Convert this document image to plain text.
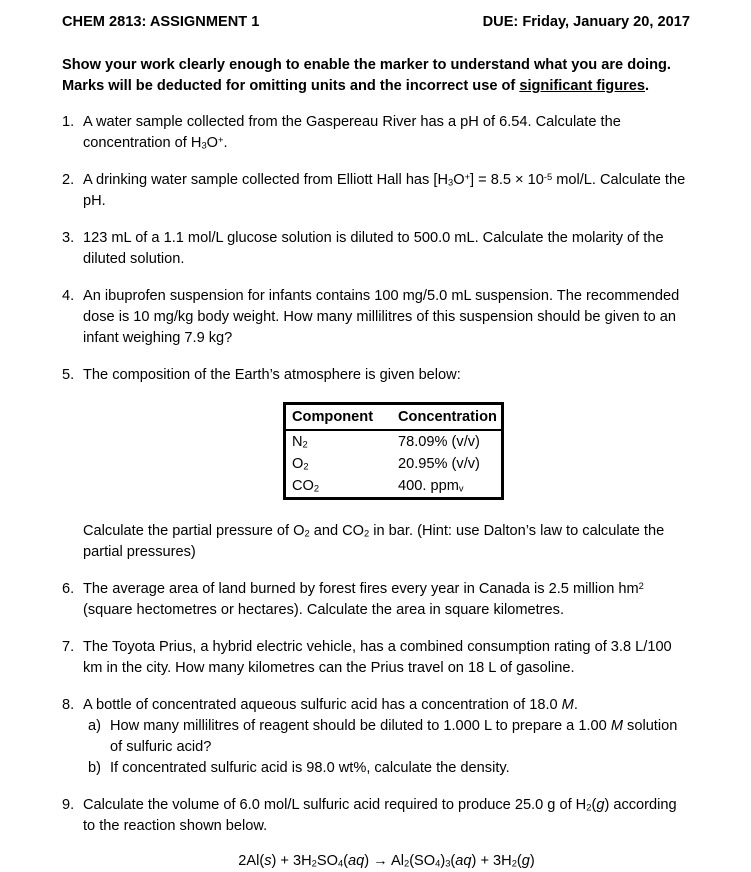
CHEM 2813: ASSIGNMENT 1	DUE: Friday, January 20, 2017

Show your work clearly enough to enable the marker to understand what you are doing. Marks will be deducted for omitting units and the incorrect use of significant figures.

1. A water sample collected from the Gaspereau River has a pH of 6.54. Calculate the concentration of $H_3O^+$.

2. A drinking water sample collected from Elliott Hall has $[H_3O^+] = 8.5 \times 10^{-5}$ mol/L. Calculate the pH.

3. 123 mL of a 1.1 mol/L glucose solution is diluted to 500.0 mL. Calculate the molarity of the diluted solution.

4. An ibuprofen suspension for infants contains 100 mg/5.0 mL suspension. The recommended dose is 10 mg/kg body weight. How many millilitres of this suspension should be given to an infant weighing 7.9 kg?

5. The composition of the Earth’s atmosphere is given below:

Component	Concentration
$N_2$	78.09% (v/v)
$O_2$	20.95% (v/v)
$CO_2$	400. ppm$_v$

Calculate the partial pressure of $O_2$ and $CO_2$ in bar. (Hint: use Dalton’s law to calculate the partial pressures)

6. The average area of land burned by forest fires every year in Canada is 2.5 million $hm^2$ (square hectometres or hectares). Calculate the area in square kilometres.

7. The Toyota Prius, a hybrid electric vehicle, has a combined consumption rating of 3.8 L/100 km in the city. How many kilometres can the Prius travel on 18 L of gasoline.

8. A bottle of concentrated aqueous sulfuric acid has a concentration of 18.0 M.

a) How many millilitres of reagent should be diluted to 1.000 L to prepare a 1.00 M solution of sulfuric acid?

b) If concentrated sulfuric acid is 98.0 wt%, calculate the density.

9. Calculate the volume of 6.0 mol/L sulfuric acid required to produce 25.0 g of $H_2(g)$ according to the reaction shown below.

$2Al(s) + 3H_2SO_4(aq) \to Al_2(SO_4)_3(aq) + 3H_2(g)$
